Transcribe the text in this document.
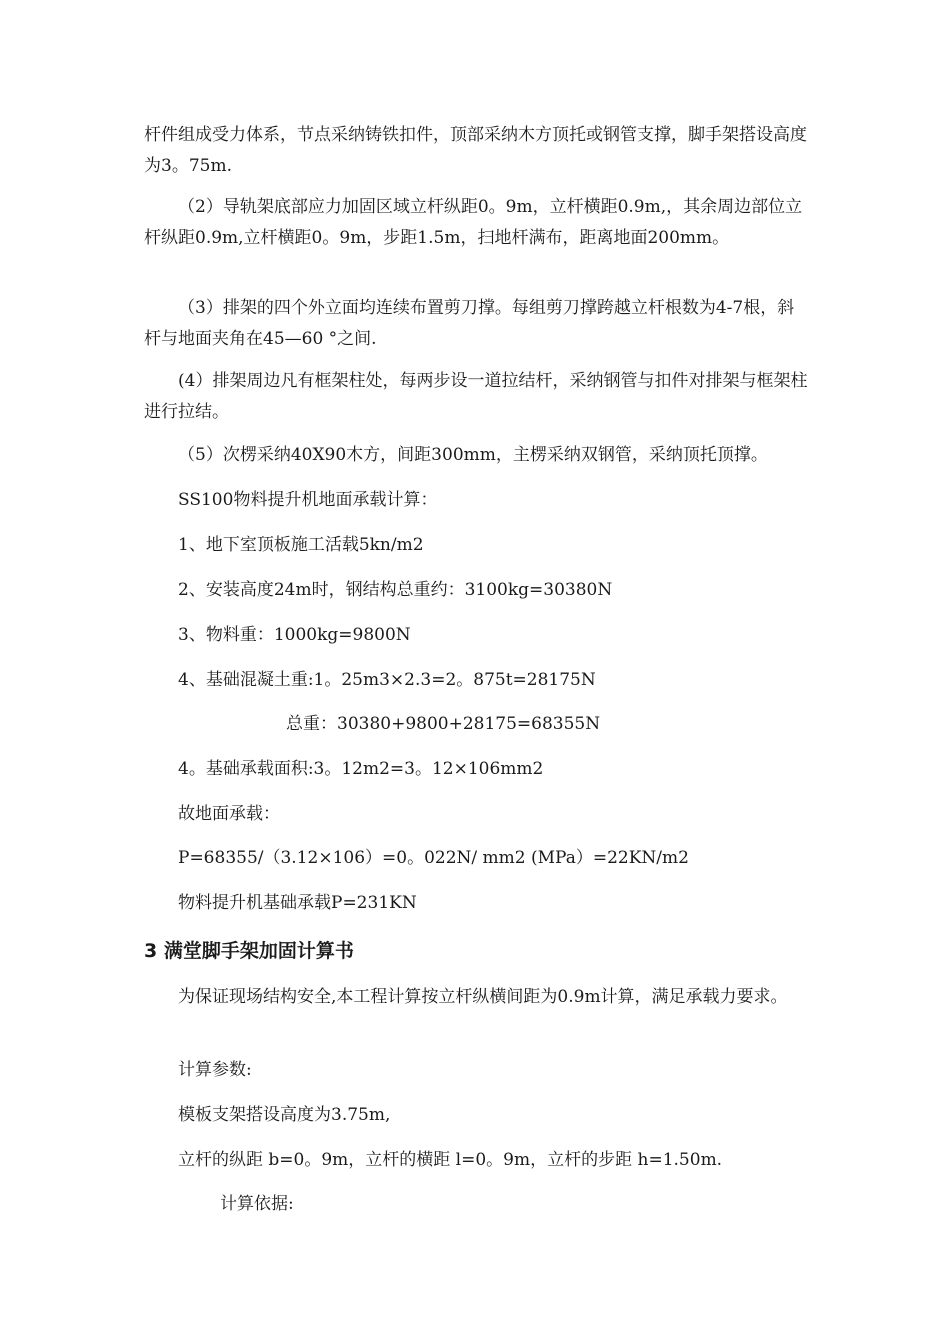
杆件组成受力体系，节点采纳铸铁扣件，顶部采纳木方顶托或钢管支撑，脚手架搭设高度为3。75m.

（2）导轨架底部应力加固区域立杆纵距0。9m，立杆横距0.9m,，其余周边部位立杆纵距0.9m,立杆横距0。9m，步距1.5m，扫地杆满布，距离地面200mm。

（3）排架的四个外立面均连续布置剪刀撑。每组剪刀撑跨越立杆根数为4-7根，斜杆与地面夹角在45—60 °之间.

(4）排架周边凡有框架柱处，每两步设一道拉结杆，采纳钢管与扣件对排架与框架柱进行拉结。

（5）次楞采纳40X90木方，间距300mm，主楞采纳双钢管，采纳顶托顶撑。

SS100物料提升机地面承载计算：

1、地下室顶板施工活载5kn/m2

2、安装高度24m时，钢结构总重约：3100kg=30380N

3、物料重：1000kg=9800N

4、基础混凝土重:1。25m3×2.3=2。875t=28175N

总重：30380+9800+28175=68355N

4。基础承载面积:3。12m2=3。12×106mm2

故地面承载：

P=68355/（3.12×106）=0。022N/ mm2 (MPa）=22KN/m2

物料提升机基础承载P=231KN

3 满堂脚手架加固计算书

为保证现场结构安全,本工程计算按立杆纵横间距为0.9m计算，满足承载力要求。

计算参数:

模板支架搭设高度为3.75m,

立杆的纵距 b=0。9m，立杆的横距 l=0。9m，立杆的步距 h=1.50m.

计算依据:
